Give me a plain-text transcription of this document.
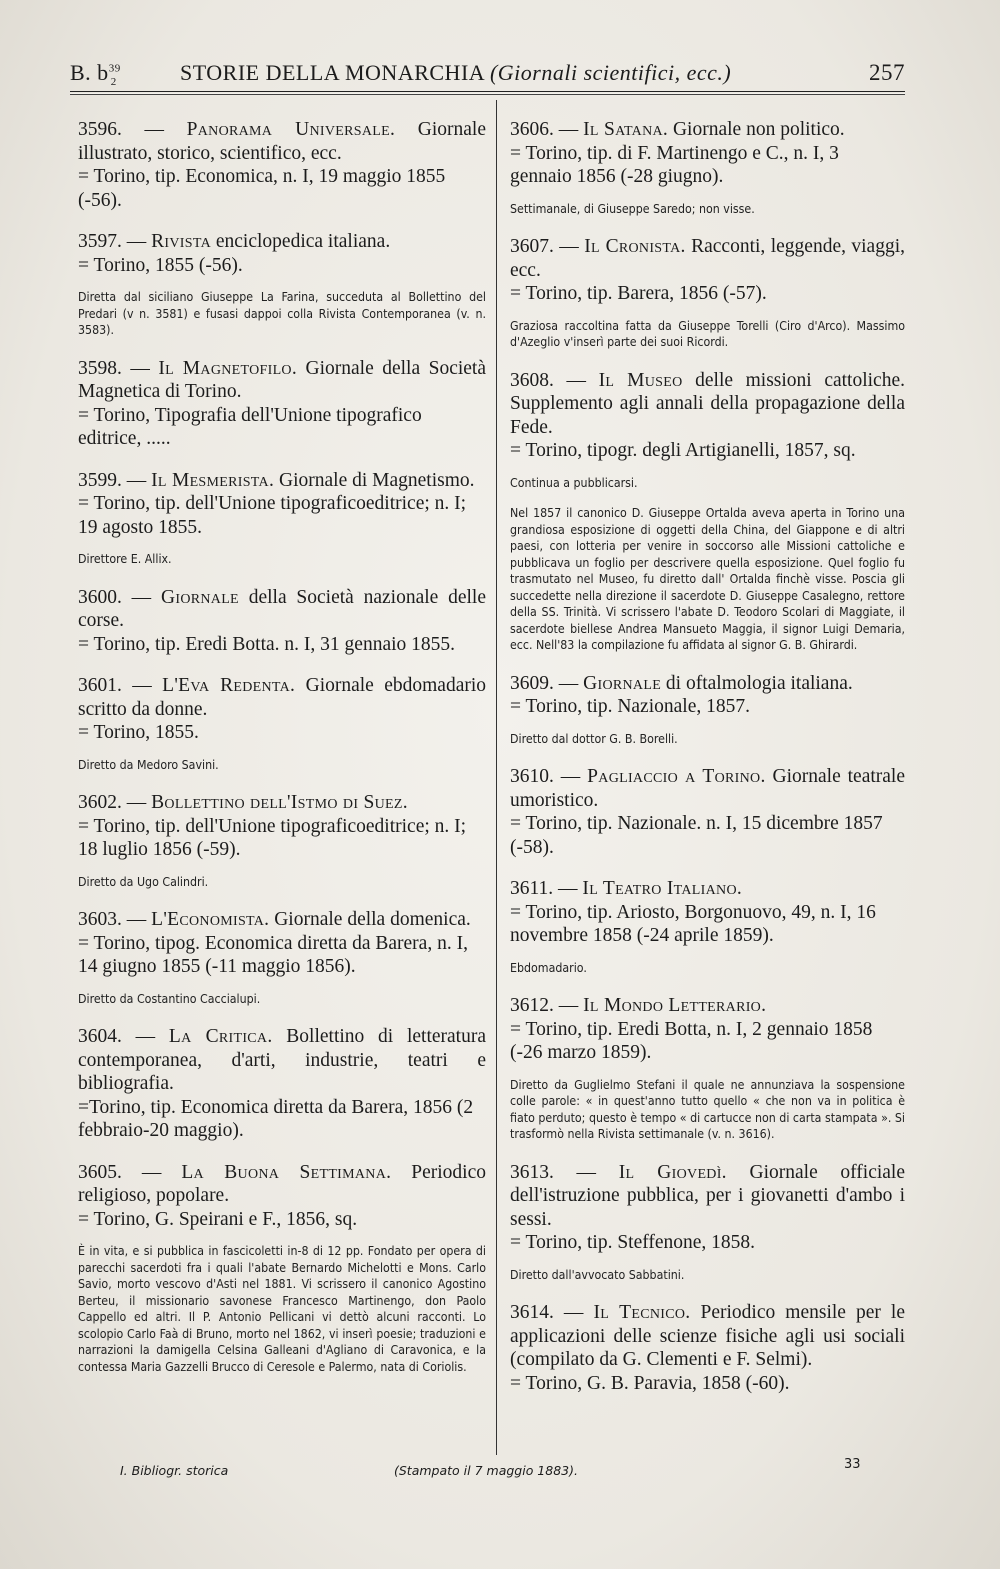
B. $b^{39}_2$	STORIE DELLA MONARCHIA (Giornali scientifici, ecc.)	257

3596. — Panorama Universale. Giornale illustrato, storico, scientifico, ecc.

= Torino, tip. Economica, n. I, 19 maggio 1855 (-56).

3597. — Rivista enciclopedica italiana.

= Torino, 1855 (-56).

Diretta dal siciliano Giuseppe La Farina, succeduta al Bollettino del Predari (v n. 3581) e fusasi dappoi colla Rivista Contemporanea (v. n. 3583).

3598. — Il Magnetofilo. Giornale della Società Magnetica di Torino.

= Torino, Tipografia dell'Unione tipografico editrice, .....

3599. — Il Mesmerista. Giornale di Magnetismo.

= Torino, tip. dell'Unione tipograficoeditrice; n. I; 19 agosto 1855.

Direttore E. Allix.

3600. — Giornale della Società nazionale delle corse.

= Torino, tip. Eredi Botta. n. I, 31 gennaio 1855.

3601. — L'Eva Redenta. Giornale ebdomadario scritto da donne.

= Torino, 1855.

Diretto da Medoro Savini.

3602. — Bollettino dell'Istmo di Suez.

= Torino, tip. dell'Unione tipograficoeditrice; n. I; 18 luglio 1856 (-59).

Diretto da Ugo Calindri.

3603. — L'Economista. Giornale della domenica.

= Torino, tipog. Economica diretta da Barera, n. I, 14 giugno 1855 (-11 maggio 1856).

Diretto da Costantino Caccialupi.

3604. — La Critica. Bollettino di letteratura contemporanea, d'arti, industrie, teatri e bibliografia.

=Torino, tip. Economica diretta da Barera, 1856 (2 febbraio-20 maggio).

3605. — La Buona Settimana. Periodico religioso, popolare.

= Torino, G. Speirani e F., 1856, sq.

È in vita, e si pubblica in fascicoletti in-8 di 12 pp. Fondato per opera di parecchi sacerdoti fra i quali l'abate Bernardo Michelotti e Mons. Carlo Savio, morto vescovo d'Asti nel 1881. Vi scrissero il canonico Agostino Berteu, il missionario savonese Francesco Martinengo, don Paolo Cappello ed altri. Il P. Antonio Pellicani vi dettò alcuni racconti. Lo scolopio Carlo Faà di Bruno, morto nel 1862, vi inserì poesie; traduzioni e narrazioni la damigella Celsina Galleani d'Agliano di Caravonica, e la contessa Maria Gazzelli Brucco di Ceresole e Palermo, nata di Coriolis.

3606. — Il Satana. Giornale non politico.

= Torino, tip. di F. Martinengo e C., n. I, 3 gennaio 1856 (-28 giugno).

Settimanale, di Giuseppe Saredo; non visse.

3607. — Il Cronista. Racconti, leggende, viaggi, ecc.

= Torino, tip. Barera, 1856 (-57).

Graziosa raccoltina fatta da Giuseppe Torelli (Ciro d'Arco). Massimo d'Azeglio v'inserì parte dei suoi Ricordi.

3608. — Il Museo delle missioni cattoliche. Supplemento agli annali della propagazione della Fede.

= Torino, tipogr. degli Artigianelli, 1857, sq.

Continua a pubblicarsi.

Nel 1857 il canonico D. Giuseppe Ortalda aveva aperta in Torino una grandiosa esposizione di oggetti della China, del Giappone e di altri paesi, con lotteria per venire in soccorso alle Missioni cattoliche e pubblicava un foglio per descrivere quella esposizione. Quel foglio fu trasmutato nel Museo, fu diretto dall' Ortalda finchè visse. Poscia gli succedette nella direzione il sacerdote D. Giuseppe Casalegno, rettore della SS. Trinità. Vi scrissero l'abate D. Teodoro Scolari di Maggiate, il sacerdote biellese Andrea Mansueto Maggia, il signor Luigi Demaria, ecc. Nell'83 la compilazione fu affidata al signor G. B. Ghirardi.

3609. — Giornale di oftalmologia italiana.

= Torino, tip. Nazionale, 1857.

Diretto dal dottor G. B. Borelli.

3610. — Pagliaccio a Torino. Giornale teatrale umoristico.

= Torino, tip. Nazionale. n. I, 15 dicembre 1857 (-58).

3611. — Il Teatro Italiano.

= Torino, tip. Ariosto, Borgonuovo, 49, n. I, 16 novembre 1858 (-24 aprile 1859).

Ebdomadario.

3612. — Il Mondo Letterario.

= Torino, tip. Eredi Botta, n. I, 2 gennaio 1858 (-26 marzo 1859).

Diretto da Guglielmo Stefani il quale ne annunziava la sospensione colle parole: « in quest'anno tutto quello « che non va in politica è fiato perduto; questo è tempo « di cartucce non di carta stampata ». Si trasformò nella Rivista settimanale (v. n. 3616).

3613. — Il Giovedì. Giornale officiale dell'istruzione pubblica, per i giovanetti d'ambo i sessi.

= Torino, tip. Steffenone, 1858.

Diretto dall'avvocato Sabbatini.

3614. — Il Tecnico. Periodico mensile per le applicazioni delle scienze fisiche agli usi sociali (compilato da G. Clementi e F. Selmi).

= Torino, G. B. Paravia, 1858 (-60).

I. Bibliogr. storica	(Stampato il 7 maggio 1883).	33
